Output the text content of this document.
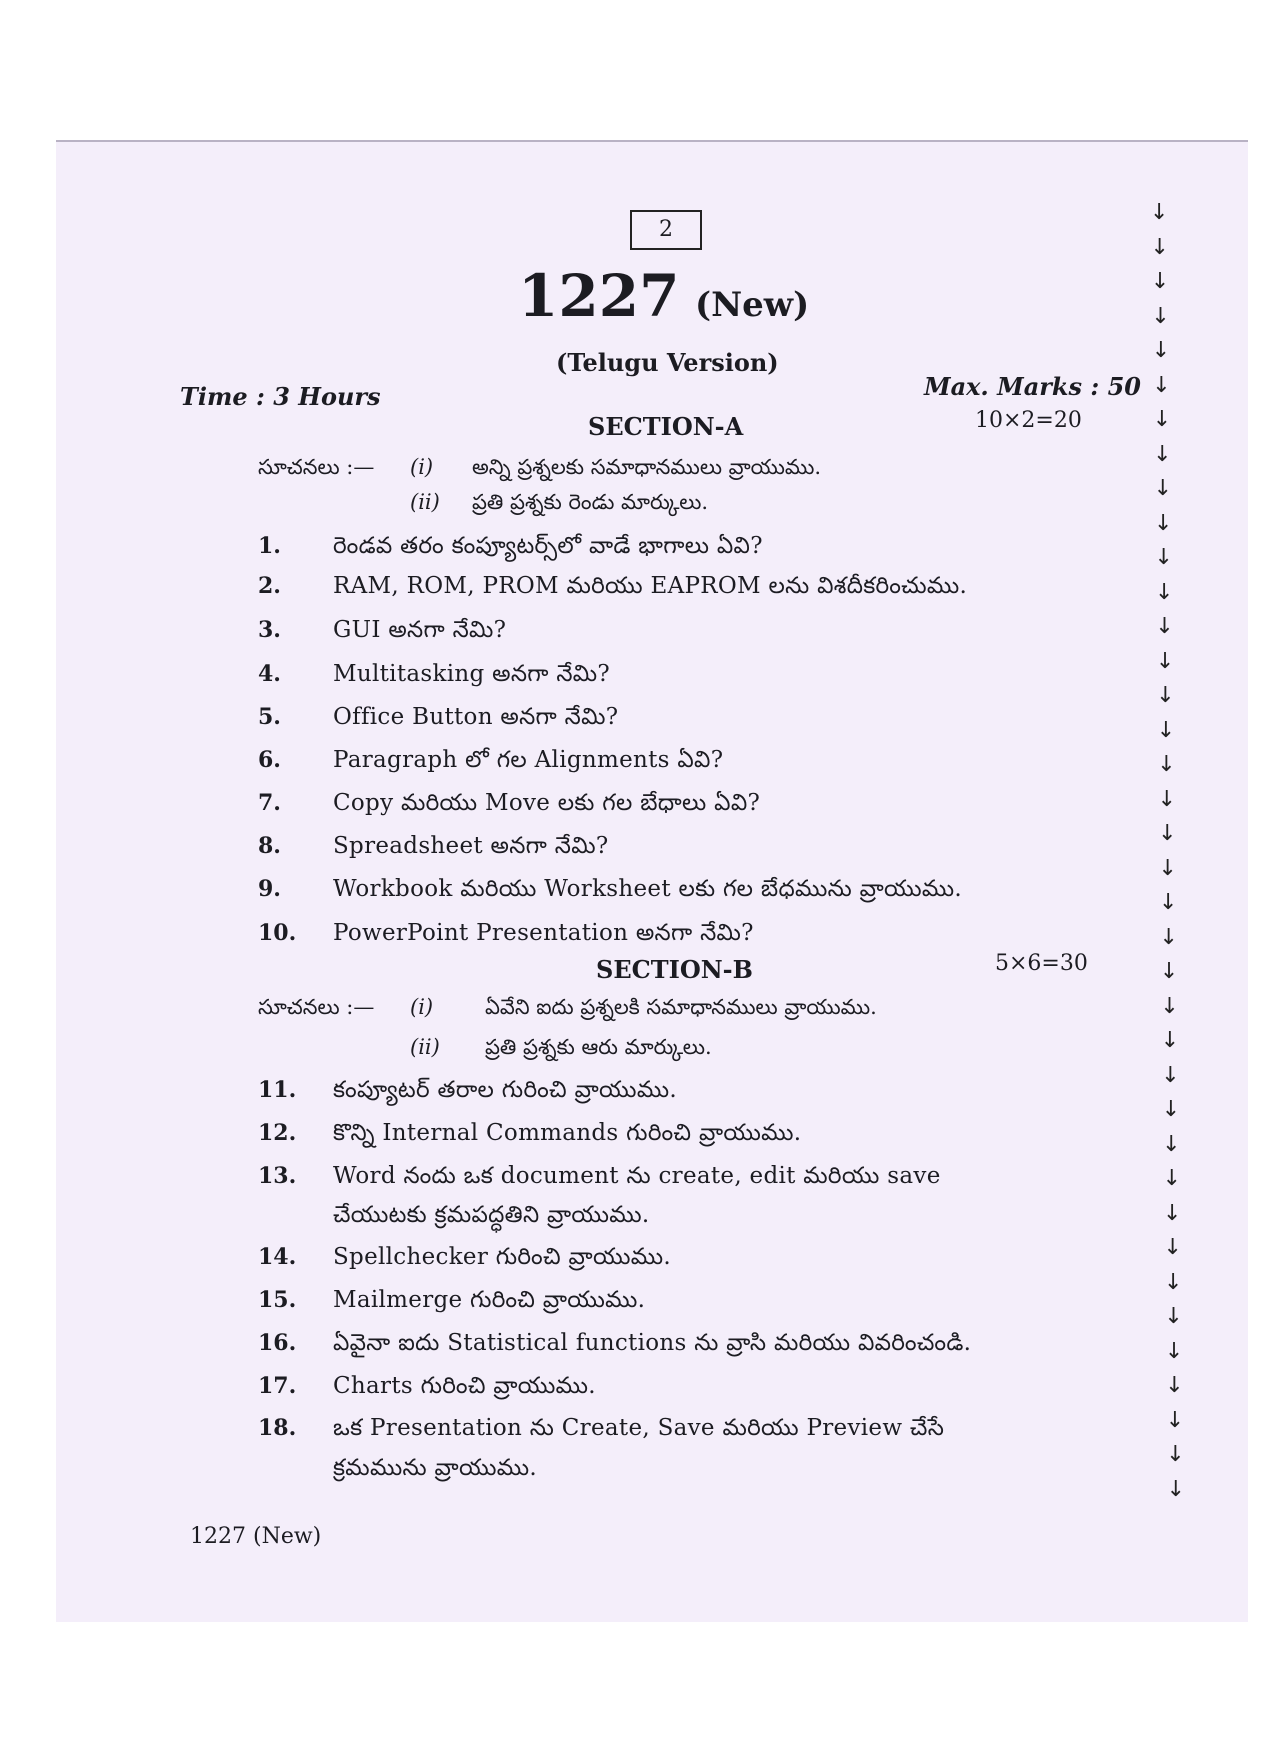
2
1227 (New)
(Telugu Version)
Time : 3 Hours	Max. Marks : 50
SECTION-A	10×2=20
సూచనలు :— (i) అన్ని ప్రశ్నలకు సమాధానములు వ్రాయుము.
(ii) ప్రతి ప్రశ్నకు రెండు మార్కులు.
1. రెండవ తరం కంప్యూటర్స్‌లో వాడే భాగాలు ఏవి?
2. RAM, ROM, PROM మరియు EAPROM లను విశదీకరించుము.
3. GUI అనగా నేమి?
4. Multitasking అనగా నేమి?
5. Office Button అనగా నేమి?
6. Paragraph లో గల Alignments ఏవి?
7. Copy మరియు Move లకు గల బేధాలు ఏవి?
8. Spreadsheet అనగా నేమి?
9. Workbook మరియు Worksheet లకు గల బేధమును వ్రాయుము.
10. PowerPoint Presentation అనగా నేమి?
SECTION-B	5×6=30
సూచనలు :— (i) ఏవేని ఐదు ప్రశ్నలకి సమాధానములు వ్రాయుము.
(ii) ప్రతి ప్రశ్నకు ఆరు మార్కులు.
11. కంప్యూటర్ తరాల గురించి వ్రాయుము.
12. కొన్ని Internal Commands గురించి వ్రాయుము.
13. Word నందు ఒక document ను create, edit మరియు save
చేయుటకు క్రమపద్ధతిని వ్రాయుము.
14. Spellchecker గురించి వ్రాయుము.
15. Mailmerge గురించి వ్రాయుము.
16. ఏవైనా ఐదు Statistical functions ను వ్రాసి మరియు వివరించండి.
17. Charts గురించి వ్రాయుము.
18. ఒక Presentation ను Create, Save మరియు Preview చేసే
క్రమమును వ్రాయుము.
1227 (New)
↓
↓
↓
↓
↓
↓
↓
↓
↓
↓
↓
↓
↓
↓
↓
↓
↓
↓
↓
↓
↓
↓
↓
↓
↓
↓
↓
↓
↓
↓
↓
↓
↓
↓
↓
↓
↓
↓
